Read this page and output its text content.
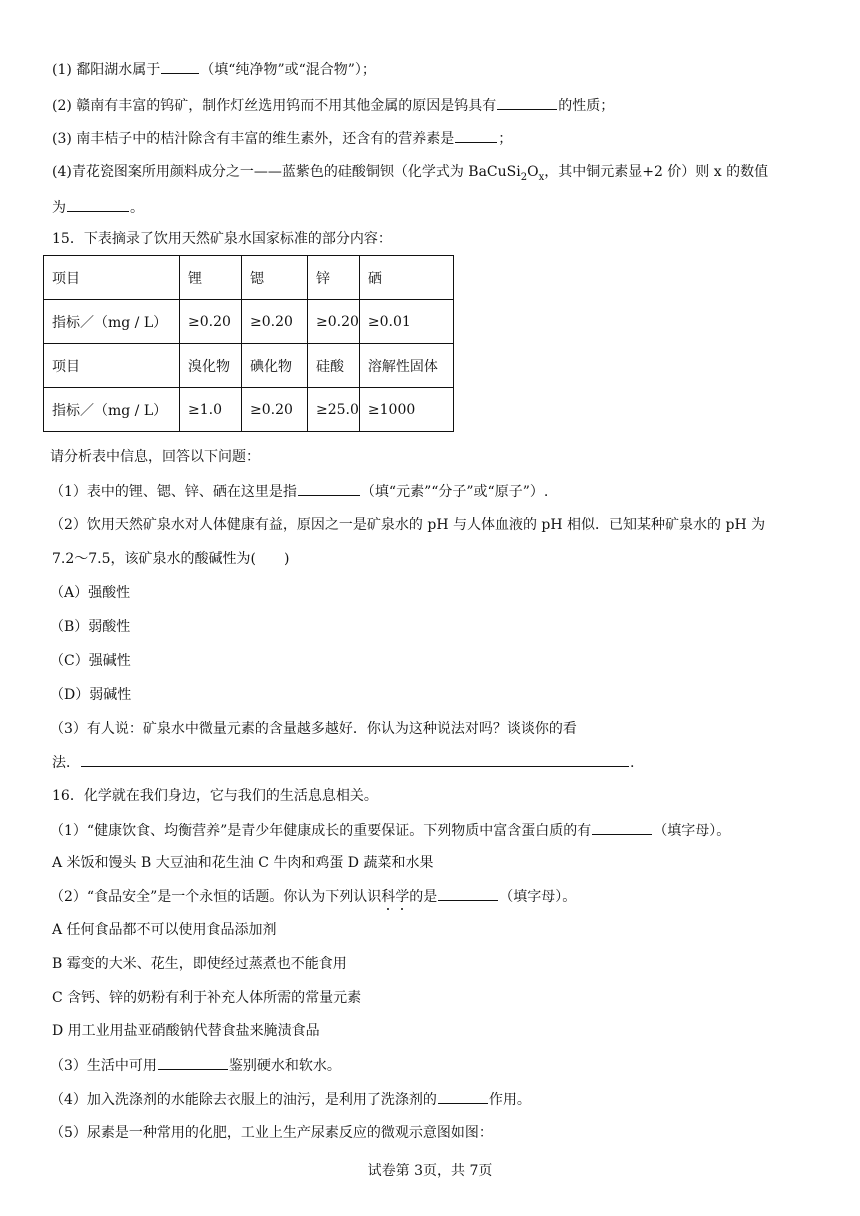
(1) 鄱阳湖水属于	（填“纯净物”或“混合物”）；
(2) 赣南有丰富的钨矿，制作灯丝选用钨而不用其他金属的原因是钨具有	的性质；
(3) 南丰桔子中的桔汁除含有丰富的维生素外，还含有的营养素是	；
(4)青花瓷图案所用颜料成分之一——蓝紫色的硅酸铜钡（化学式为 $BaCuSi_2O_x$，其中铜元素显+2 价）则 x 的数值
为	。
15．下表摘录了饮用天然矿泉水国家标准的部分内容：
项目	锂	锶	锌	硒
指标／（mg / L）	≥0.20	≥0.20	≥0.20	≥0.01
项目	溴化物	碘化物	硅酸	溶解性固体
指标／（mg / L）	≥1.0	≥0.20	≥25.0	≥1000
请分析表中信息，回答以下问题：
（1）表中的锂、锶、锌、硒在这里是指	（填“元素”“分子”或“原子”）.
（2）饮用天然矿泉水对人体健康有益，原因之一是矿泉水的 pH 与人体血液的 pH 相似．已知某种矿泉水的 pH 为
7.2～7.5，该矿泉水的酸碱性为(　　)
（A）强酸性
（B）弱酸性
（C）强碱性
（D）弱碱性
（3）有人说：矿泉水中微量元素的含量越多越好．你认为这种说法对吗？谈谈你的看
法．	.
16．化学就在我们身边，它与我们的生活息息相关。
（1）“健康饮食、均衡营养”是青少年健康成长的重要保证。下列物质中富含蛋白质的有	（填字母）。
A 米饭和馒头 B 大豆油和花生油 C 牛肉和鸡蛋 D 蔬菜和水果
（2）“食品安全”是一个永恒的话题。你认为下列认识科学的是	（填字母）。
A 任何食品都不可以使用食品添加剂
B 霉变的大米、花生，即使经过蒸煮也不能食用
C 含钙、锌的奶粉有利于补充人体所需的常量元素
D 用工业用盐亚硝酸钠代替食盐来腌渍食品
（3）生活中可用	鉴别硬水和软水。
（4）加入洗涤剂的水能除去衣服上的油污，是利用了洗涤剂的	作用。
（5）尿素是一种常用的化肥，工业上生产尿素反应的微观示意图如图：
试卷第 3页，共 7页
